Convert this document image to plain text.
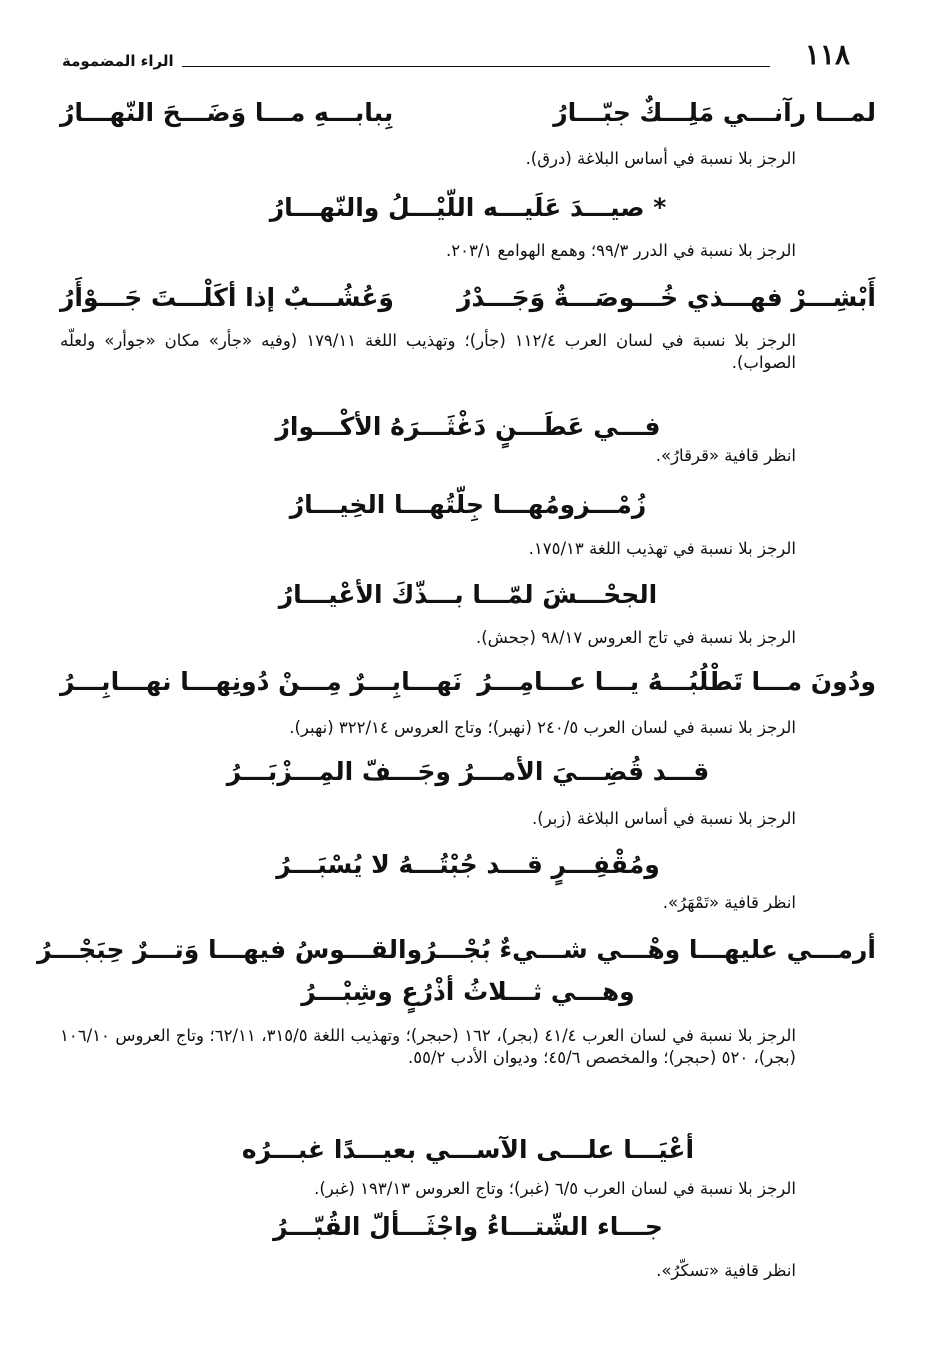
١١٨
الراء المضمومة
لمـــا رآنـــي مَلِـــكٌ جبّـــارُ
بِبابـــهِ مـــا وَضَـــحَ النّهـــارُ
الرجز بلا نسبة في أساس البلاغة (درق).
* صيـــدَ عَلَيـــه اللّيْـــلُ والنّهـــارُ
الرجز بلا نسبة في الدرر ٩٩/٣؛ وهمع الهوامع ٢٠٣/١.
أَبْشِـــرْ فهـــذي خُـــوصَـــةٌ وَجَـــدْرُ
وَعُشُـــبٌ إذا أكَلْـــتَ جَـــوْأَرُ
الرجز بلا نسبة في لسان العرب ١١٢/٤ (جأر)؛ وتهذيب اللغة ١٧٩/١١ (وفيه «جأر» مكان «جوأر» ولعلّه الصواب).
فـــي عَطَـــنٍ دَغْثَـــرَهُ الأكْـــوارُ
انظر قافية «قرقارُ».
زُمْـــزومُهـــا جِلّتُهـــا الخِيـــارُ
الرجز بلا نسبة في تهذيب اللغة ١٧٥/١٣.
الجحْـــشَ لمّـــا بـــذّكَ الأعْيـــارُ
الرجز بلا نسبة في تاج العروس ٩٨/١٧ (جحش).
ودُونَ مـــا تَطْلُبُـــهُ يـــا عـــامِـــرُ
نَهـــابِـــرٌ مِـــنْ دُونِهـــا نهـــابِـــرُ
الرجز بلا نسبة في لسان العرب ٢٤٠/٥ (نهبر)؛ وتاج العروس ٣٢٢/١٤ (نهبر).
قـــد قُضِـــيَ الأمـــرُ وجَـــفّ المِـــزْبَـــرُ
الرجز بلا نسبة في أساس البلاغة (زبر).
ومُقْفِـــرٍ قـــد جُبْتُـــهُ لا يُسْبَـــرُ
انظر قافية «تَمْهَرُ».
أرمـــي عليهـــا وهْـــي شـــيءٌ بُجْـــرُ
والقـــوسُ فيهـــا وَتـــرٌ حِبَجْـــرُ
وهـــي ثـــلاثُ أذْرُعٍ وشِبْـــرُ
الرجز بلا نسبة في لسان العرب ٤١/٤ (بجر)، ١٦٢ (حبجر)؛ وتهذيب اللغة ٣١٥/٥، ٦٢/١١؛ وتاج العروس ١٠٦/١٠ (بجر)، ٥٢٠ (حبجر)؛ والمخصص ٤٥/٦؛ وديوان الأدب ٥٥/٢.
أعْيَـــا علـــى الآســـي بعيـــدًا غبـــرُه
الرجز بلا نسبة في لسان العرب ٦/٥ (غبر)؛ وتاج العروس ١٩٣/١٣ (غبر).
جـــاء الشّتـــاءُ واجْثَـــألّ القُبّـــرُ
انظر قافية «تسكّرُ».
